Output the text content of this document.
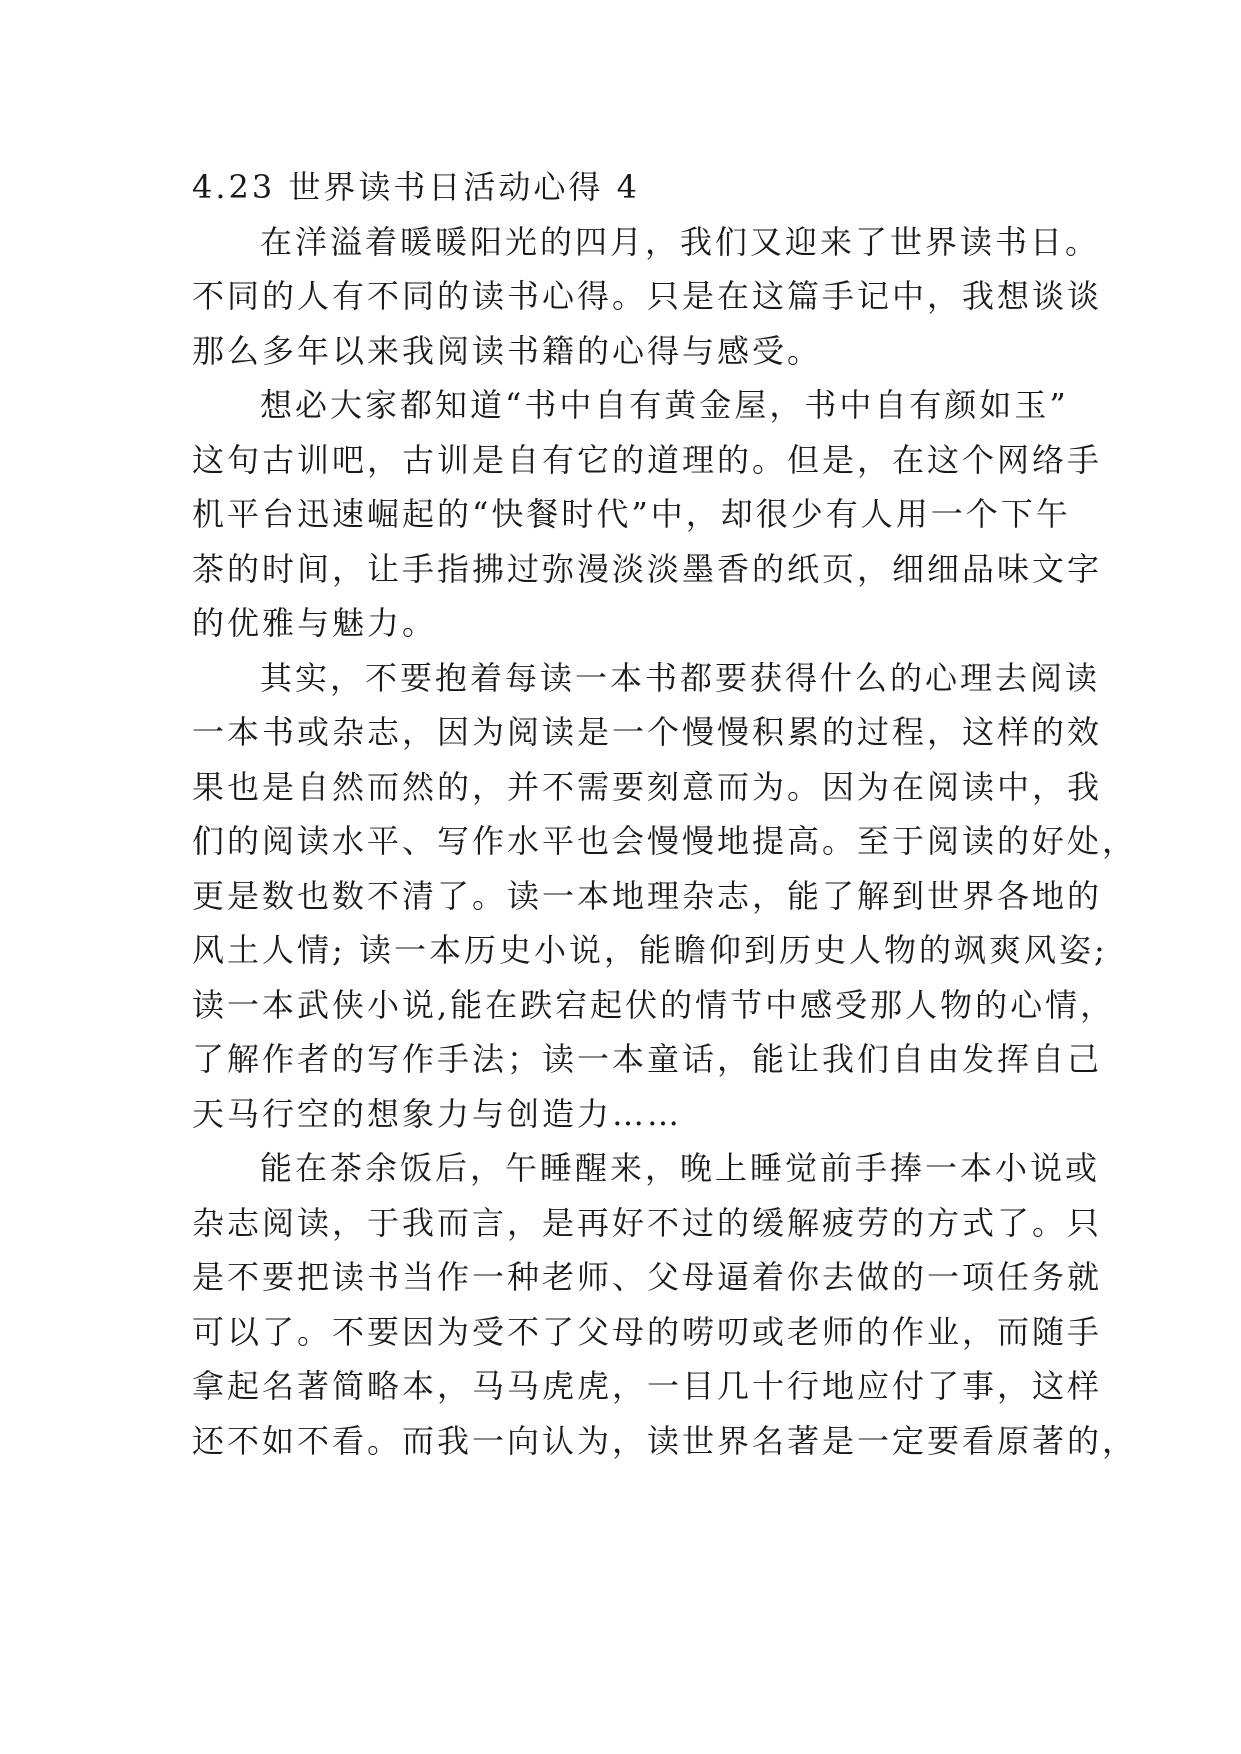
4.23 世界读书日活动心得 4
在洋溢着暖暖阳光的四月，我们又迎来了世界读书日。
不同的人有不同的读书心得。只是在这篇手记中，我想谈谈
那么多年以来我阅读书籍的心得与感受。
想必大家都知道“书中自有黄金屋，书中自有颜如玉”
这句古训吧，古训是自有它的道理的。但是，在这个网络手
机平台迅速崛起的“快餐时代”中，却很少有人用一个下午
茶的时间，让手指拂过弥漫淡淡墨香的纸页，细细品味文字
的优雅与魅力。
其实，不要抱着每读一本书都要获得什么的心理去阅读
一本书或杂志，因为阅读是一个慢慢积累的过程，这样的效
果也是自然而然的，并不需要刻意而为。因为在阅读中，我
们的阅读水平、写作水平也会慢慢地提高。至于阅读的好处，
更是数也数不清了。读一本地理杂志，能了解到世界各地的
风土人情; 读一本历史小说，能瞻仰到历史人物的飒爽风姿;
读一本武侠小说,能在跌宕起伏的情节中感受那人物的心情，
了解作者的写作手法；读一本童话，能让我们自由发挥自己
天马行空的想象力与创造力……
能在茶余饭后，午睡醒来，晚上睡觉前手捧一本小说或
杂志阅读，于我而言，是再好不过的缓解疲劳的方式了。只
是不要把读书当作一种老师、父母逼着你去做的一项任务就
可以了。不要因为受不了父母的唠叨或老师的作业，而随手
拿起名著简略本，马马虎虎，一目几十行地应付了事，这样
还不如不看。而我一向认为，读世界名著是一定要看原著的，
